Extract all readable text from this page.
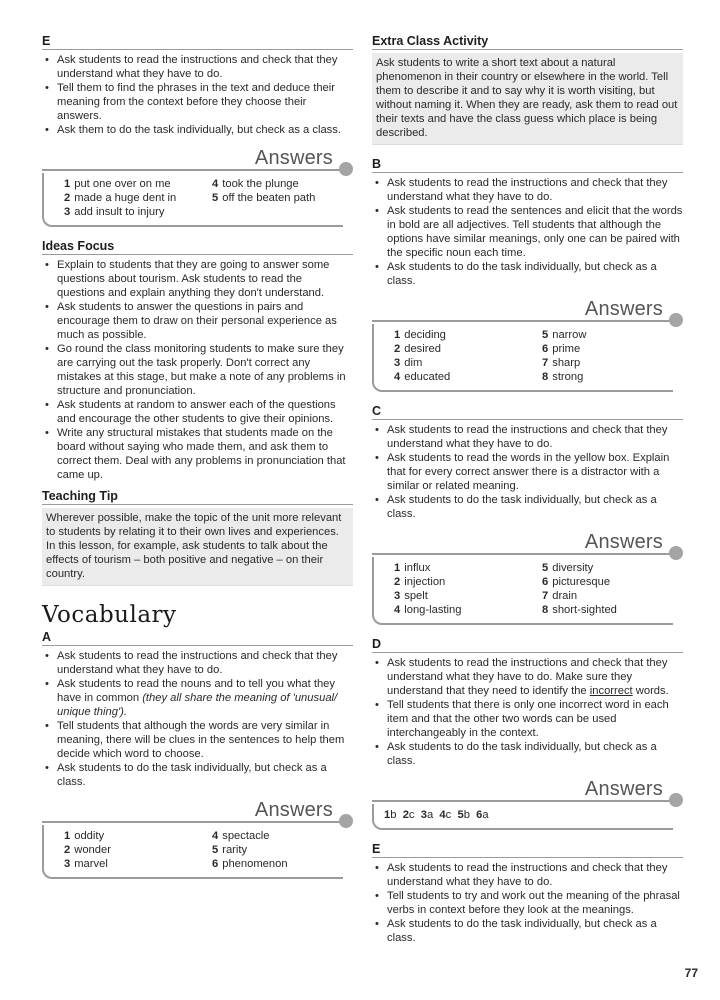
E
• Ask students to read the instructions and check that they understand what they have to do.
• Tell them to find the phrases in the text and deduce their meaning from the context before they choose their answers.
• Ask them to do the task individually, but check as a class.
Answers
1 put one over on me	4 took the plunge
2 made a huge dent in	5 off the beaten path
3 add insult to injury
Ideas Focus
• Explain to students that they are going to answer some questions about tourism. Ask students to read the questions and explain anything they don't understand.
• Ask students to answer the questions in pairs and encourage them to draw on their personal experience as much as possible.
• Go round the class monitoring students to make sure they are carrying out the task properly. Don't correct any mistakes at this stage, but make a note of any problems in structure and pronunciation.
• Ask students at random to answer each of the questions and encourage the other students to give their opinions.
• Write any structural mistakes that students made on the board without saying who made them, and ask them to correct them. Deal with any problems in pronunciation that came up.
Teaching Tip
Wherever possible, make the topic of the unit more relevant to students by relating it to their own lives and experiences. In this lesson, for example, ask students to talk about the effects of tourism – both positive and negative – on their country.
Vocabulary
A
• Ask students to read the instructions and check that they understand what they have to do.
• Ask students to read the nouns and to tell you what they have in common (they all share the meaning of 'unusual/ unique thing').
• Tell students that although the words are very similar in meaning, there will be clues in the sentences to help them decide which word to choose.
• Ask students to do the task individually, but check as a class.
Answers
1 oddity	4 spectacle
2 wonder	5 rarity
3 marvel	6 phenomenon
Extra Class Activity
Ask students to write a short text about a natural phenomenon in their country or elsewhere in the world. Tell them to describe it and to say why it is worth visiting, but without naming it. When they are ready, ask them to read out their texts and have the class guess which place is being described.
B
• Ask students to read the instructions and check that they understand what they have to do.
• Ask students to read the sentences and elicit that the words in bold are all adjectives. Tell students that although the options have similar meanings, only one can be paired with the specific noun each time.
• Ask students to do the task individually, but check as a class.
Answers
1 deciding	5 narrow
2 desired	6 prime
3 dim	7 sharp
4 educated	8 strong
C
• Ask students to read the instructions and check that they understand what they have to do.
• Ask students to read the words in the yellow box. Explain that for every correct answer there is a distractor with a similar or related meaning.
• Ask students to do the task individually, but check as a class.
Answers
1 influx	5 diversity
2 injection	6 picturesque
3 spelt	7 drain
4 long-lasting	8 short-sighted
D
• Ask students to read the instructions and check that they understand what they have to do. Make sure they understand that they need to identify the incorrect words.
• Tell students that there is only one incorrect word in each item and that the other two words can be used interchangeably in the context.
• Ask students to do the task individually, but check as a class.
Answers
1b 2c 3a 4c 5b 6a
E
• Ask students to read the instructions and check that they understand what they have to do.
• Tell students to try and work out the meaning of the phrasal verbs in context before they look at the meanings.
• Ask students to do the task individually, but check as a class.
77
